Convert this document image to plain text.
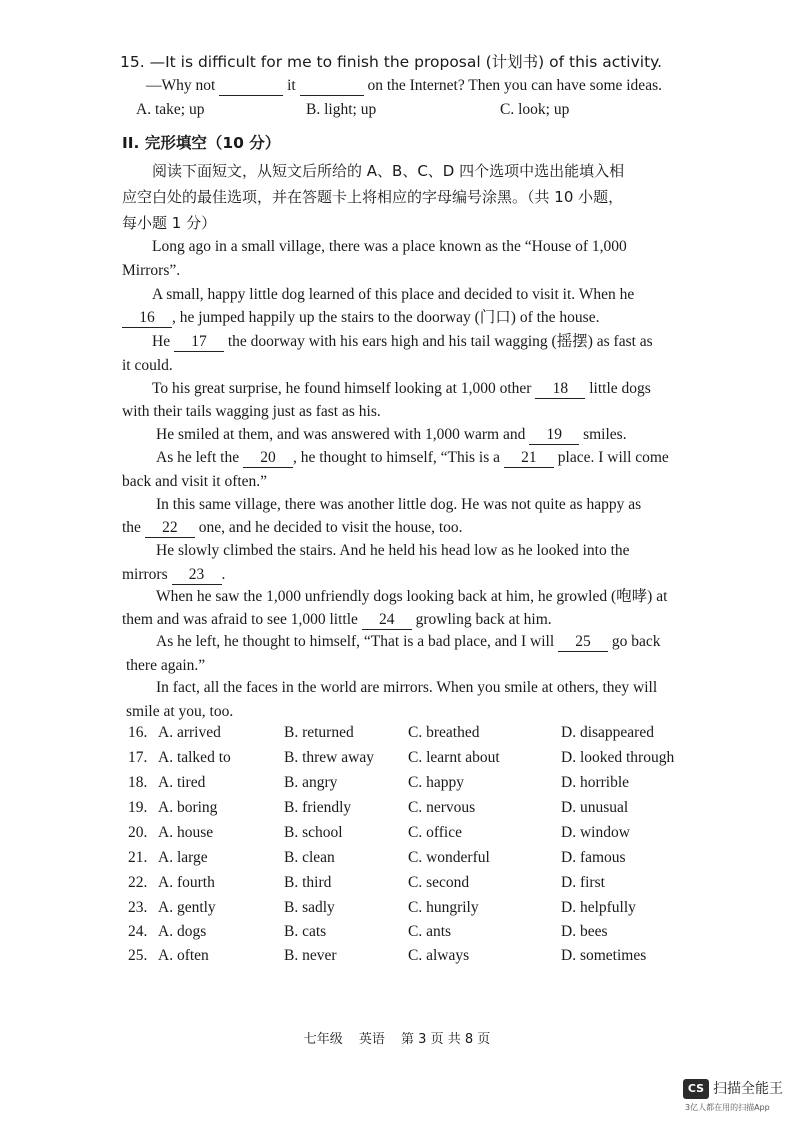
15. —It is difficult for me to finish the proposal (计划书) of this activity.
—Why not	it	on the Internet? Then you can have some ideas.
A. take; up	B. light; up	C. look; up
II. 完形填空（10 分）
阅读下面短文，从短文后所给的 A、B、C、D 四个选项中选出能填入相
应空白处的最佳选项，并在答题卡上将相应的字母编号涂黑。（共 10 小题，
每小题 1 分）
Long ago in a small village, there was a place known as the “House of 1,000
Mirrors”.
A small, happy little dog learned of this place and decided to visit it. When he
16 , he jumped happily up the stairs to the doorway (门口) of the house.
He 17 the doorway with his ears high and his tail wagging (摇摆) as fast as
it could.
To his great surprise, he found himself looking at 1,000 other 18 little dogs
with their tails wagging just as fast as his.
He smiled at them, and was answered with 1,000 warm and 19 smiles.
As he left the 20 , he thought to himself, “This is a 21 place. I will come
back and visit it often.”
In this same village, there was another little dog. He was not quite as happy as
the 22 one, and he decided to visit the house, too.
He slowly climbed the stairs. And he held his head low as he looked into the
mirrors 23 .
When he saw the 1,000 unfriendly dogs looking back at him, he growled (咆哮) at
them and was afraid to see 1,000 little 24 growling back at him.
As he left, he thought to himself, “That is a bad place, and I will 25 go back
there again.”
In fact, all the faces in the world are mirrors. When you smile at others, they will
smile at you, too.
16. A. arrived	B. returned	C. breathed	D. disappeared
17. A. talked to	B. threw away C. learnt about	D. looked through
18. A. tired	B. angry	C. happy	D. horrible
19. A. boring	B. friendly	C. nervous	D. unusual
20. A. house	B. school	C. office	D. window
21. A. large	B. clean	C. wonderful	D. famous
22. A. fourth	B. third	C. second	D. first
23. A. gently	B. sadly	C. hungrily	D. helpfully
24. A. dogs	B. cats	C. ants	D. bees
25. A. often	B. never	C. always	D. sometimes
七年级 英语 第 3 页 共 8 页
CS 扫描全能王
3亿人都在用的扫描App
